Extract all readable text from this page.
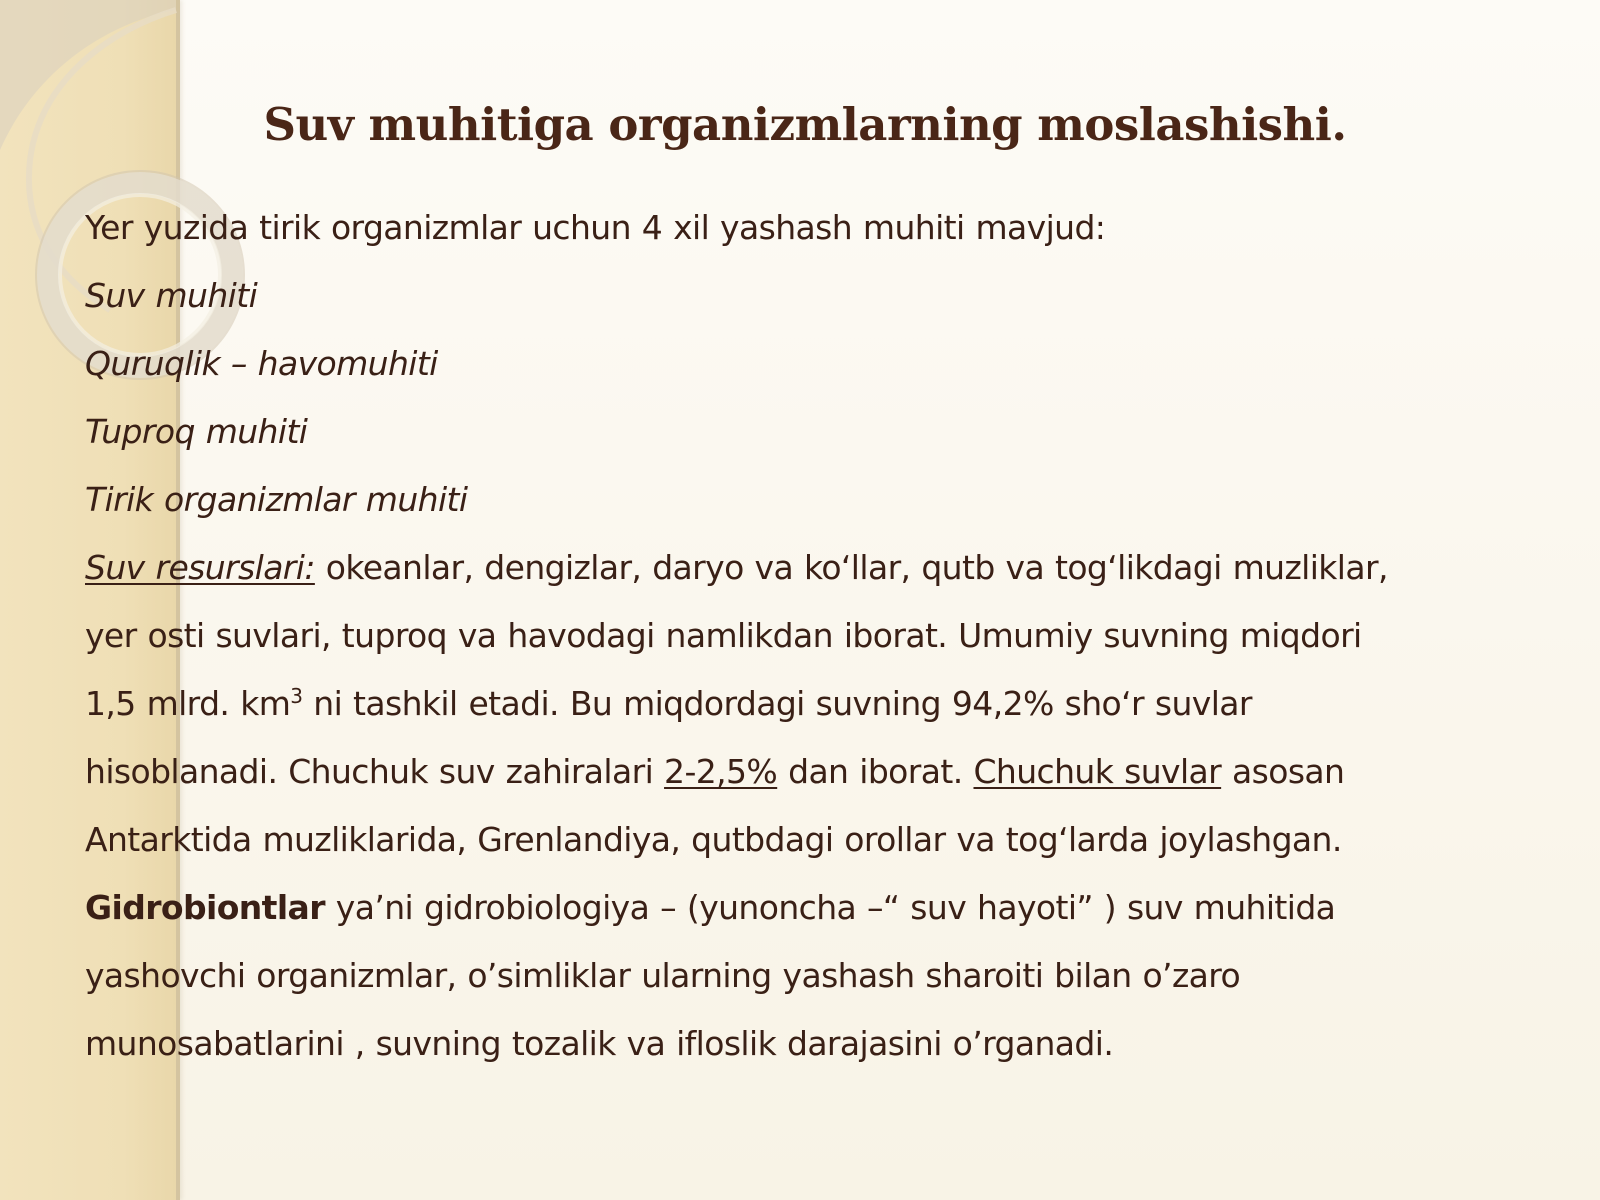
Suv muhitiga organizmlarning moslashishi.
Yer yuzida tirik organizmlar uchun 4 xil yashash muhiti mavjud:
Suv muhiti
Quruqlik – havomuhiti
Tuproq muhiti
Tirik organizmlar muhiti
Suv resurslari: okeanlar, dengizlar, daryo va ko‘llar, qutb va tog‘likdagi muzliklar,
yer osti suvlari, tuproq va havodagi namlikdan iborat. Umumiy suvning miqdori
1,5 mlrd. $km^3$ ni tashkil etadi. Bu miqdordagi suvning 94,2% sho‘r suvlar
hisoblanadi. Chuchuk suv zahiralari 2-2,5% dan iborat. Chuchuk suvlar asosan
Antarktida muzliklarida, Grenlandiya, qutbdagi orollar va tog‘larda joylashgan.
Gidrobiontlar ya’ni gidrobiologiya – (yunoncha –“ suv hayoti” ) suv muhitida
yashovchi organizmlar, o’simliklar ularning yashash sharoiti bilan o’zaro
munosabatlarini , suvning tozalik va ifloslik darajasini o’rganadi.
